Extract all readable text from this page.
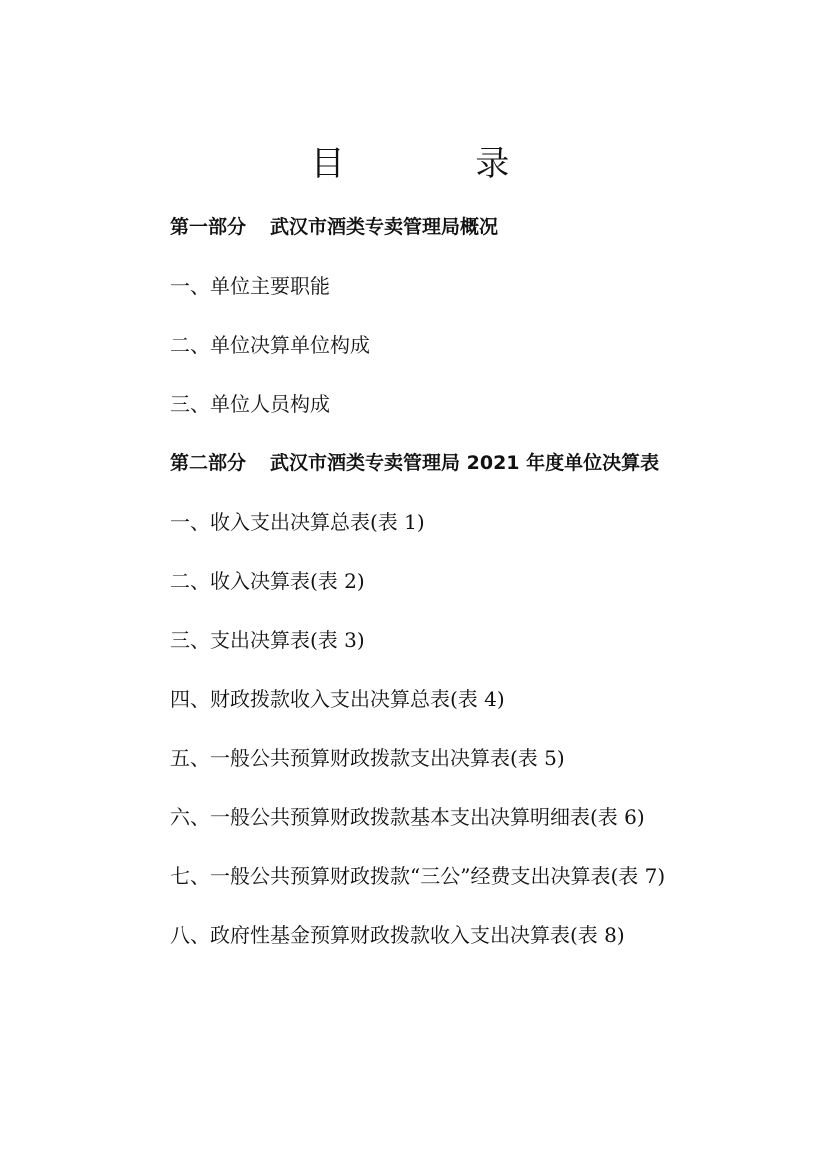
目 录
第一部分 武汉市酒类专卖管理局概况
一、单位主要职能
二、单位决算单位构成
三、单位人员构成
第二部分 武汉市酒类专卖管理局 2021 年度单位决算表
一、收入支出决算总表(表 1)
二、收入决算表(表 2)
三、支出决算表(表 3)
四、财政拨款收入支出决算总表(表 4)
五、一般公共预算财政拨款支出决算表(表 5)
六、一般公共预算财政拨款基本支出决算明细表(表 6)
七、一般公共预算财政拨款“三公”经费支出决算表(表 7)
八、政府性基金预算财政拨款收入支出决算表(表 8)
